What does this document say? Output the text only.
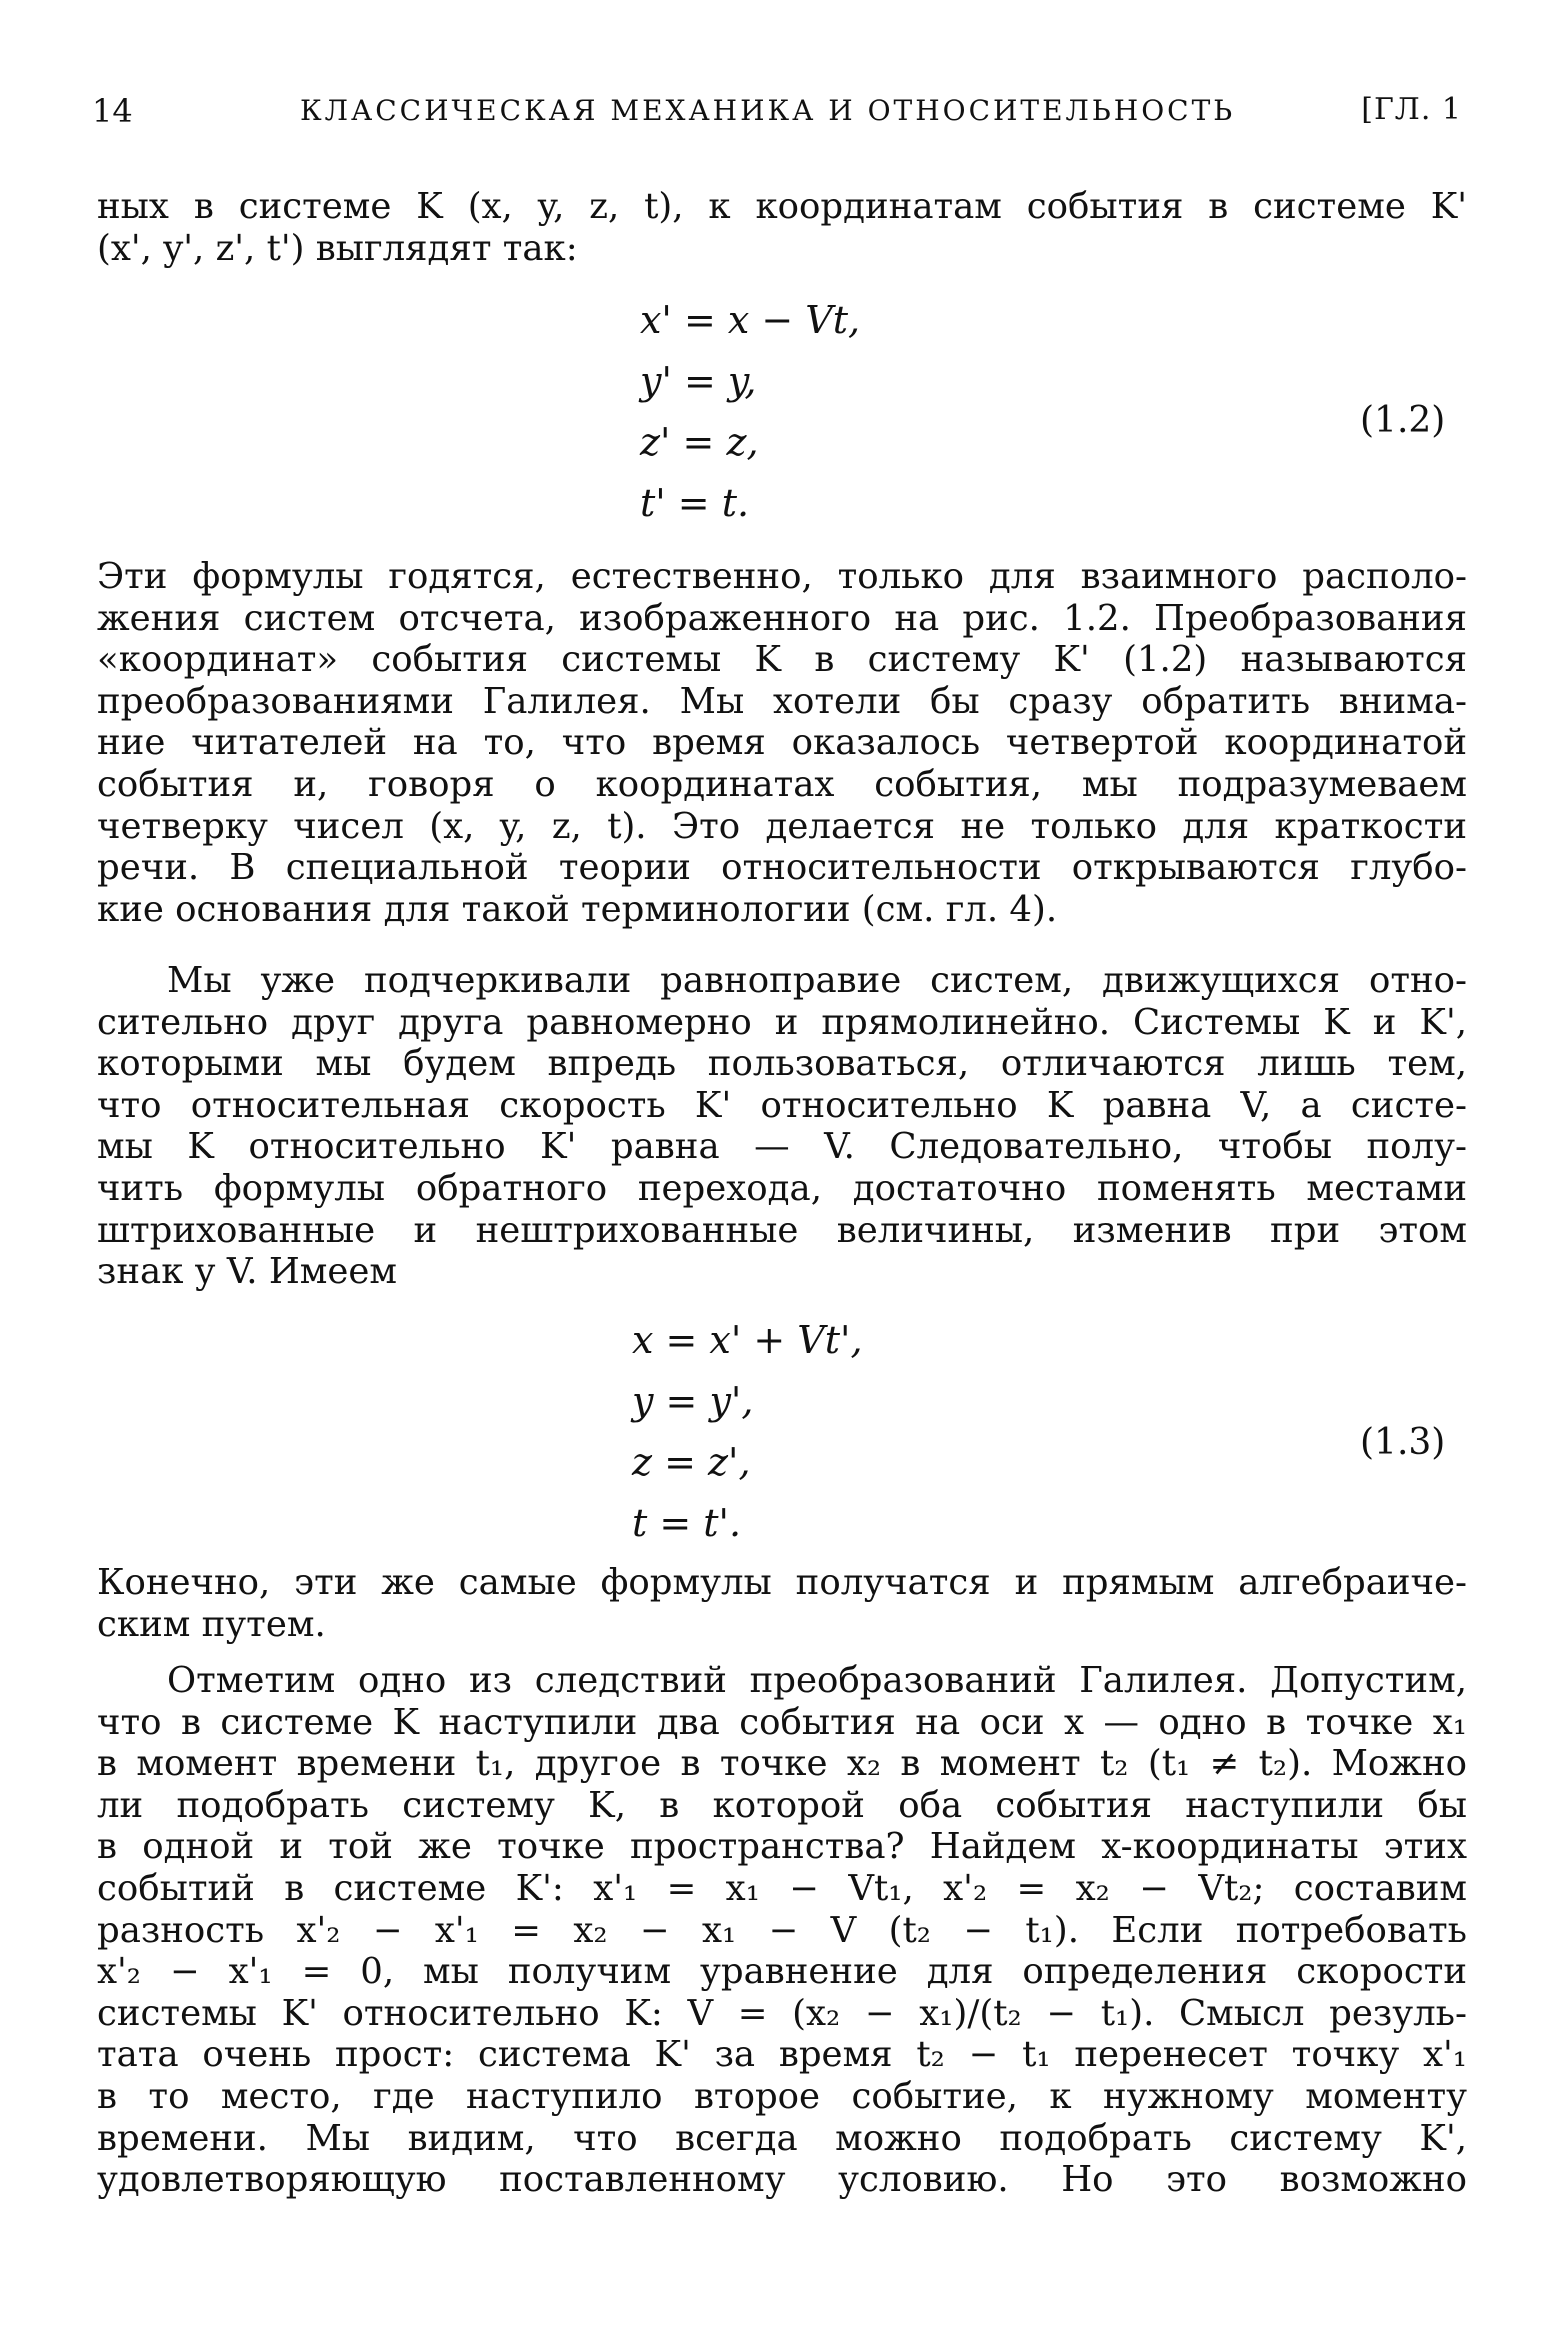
14	КЛАССИЧЕСКАЯ МЕХАНИКА И ОТНОСИТЕЛЬНОСТЬ	[ГЛ. 1
ных в системе K (x, y, z, t), к координатам события в системе K'
(x', y', z', t') выглядят так:
x' = x − Vt,
y' = y,
z' = z,
t' = t.
(1.2)
Эти формулы годятся, естественно, только для взаимного располо-
жения систем отсчета, изображенного на рис. 1.2. Преобразования
«координат» события системы K в систему K' (1.2) называются
преобразованиями Галилея. Мы хотели бы сразу обратить внима-
ние читателей на то, что время оказалось четвертой координатой
события и, говоря о координатах события, мы подразумеваем
четверку чисел (x, y, z, t). Это делается не только для краткости
речи. В специальной теории относительности открываются глубо-
кие основания для такой терминологии (см. гл. 4).
Мы уже подчеркивали равноправие систем, движущихся отно-
сительно друг друга равномерно и прямолинейно. Системы K и K',
которыми мы будем впредь пользоваться, отличаются лишь тем,
что относительная скорость K' относительно K равна V, а систе-
мы K относительно K' равна — V. Следовательно, чтобы полу-
чить формулы обратного перехода, достаточно поменять местами
штрихованные и нештрихованные величины, изменив при этом
знак у V. Имеем
x = x' + Vt',
y = y',
z = z',
t = t'.
(1.3)
Конечно, эти же самые формулы получатся и прямым алгебраиче-
ским путем.
Отметим одно из следствий преобразований Галилея. Допустим,
что в системе K наступили два события на оси x — одно в точке x₁
в момент времени t₁, другое в точке x₂ в момент t₂ (t₁ ≠ t₂). Можно
ли подобрать систему K, в которой оба события наступили бы
в одной и той же точке пространства? Найдем x-координаты этих
событий в системе K': x'₁ = x₁ − Vt₁, x'₂ = x₂ − Vt₂; составим
разность x'₂ − x'₁ = x₂ − x₁ − V (t₂ − t₁). Если потребовать
x'₂ − x'₁ = 0, мы получим уравнение для определения скорости
системы K' относительно K: V = (x₂ − x₁)/(t₂ − t₁). Смысл резуль-
тата очень прост: система K' за время t₂ − t₁ перенесет точку x'₁
в то место, где наступило второе событие, к нужному моменту
времени. Мы видим, что всегда можно подобрать систему K',
удовлетворяющую поставленному условию. Но это возможно
